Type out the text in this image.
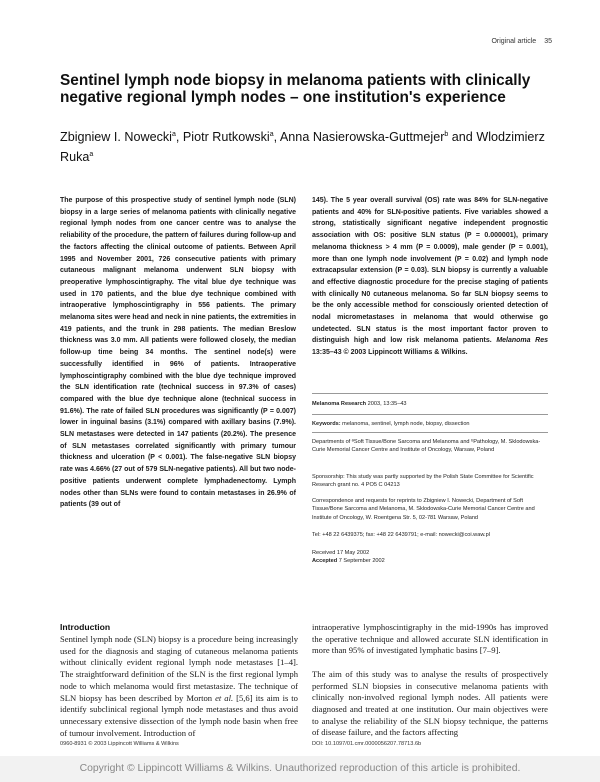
Original article 35
Sentinel lymph node biopsy in melanoma patients with clinically negative regional lymph nodes – one institution's experience
Zbigniew I. Nowecki$^a$, Piotr Rutkowski$^a$, Anna Nasierowska-Guttmejer$^b$ and Wlodzimierz Ruka$^a$

The purpose of this prospective study of sentinel lymph node (SLN) biopsy in a large series of melanoma patients with clinically negative regional lymph nodes from one cancer centre was to analyse the reliability of the procedure, the pattern of failures during follow-up and the factors affecting the clinical outcome of patients. Between April 1995 and November 2001, 726 consecutive patients with primary cutaneous malignant melanoma underwent SLN biopsy with preoperative lymphoscintigraphy. The vital blue dye technique was used in 170 patients, and the blue dye technique combined with intraoperative lymphoscintigraphy in 556 patients. The primary melanoma sites were head and neck in nine patients, the extremities in 419 patients, and the trunk in 298 patients. The median Breslow thickness was 3.0 mm. All patients were followed closely, the median follow-up time being 34 months. The sentinel node(s) were successfully identified in 96% of patients. Intraoperative lymphoscintigraphy combined with the blue dye technique improved the SLN identification rate (technical success in 97.3% of cases) compared with the blue dye technique alone (technical success in 91.6%). The rate of failed SLN procedures was significantly (P = 0.007) lower in inguinal basins (3.1%) compared with axillary basins (7.9%). SLN metastases were detected in 147 patients (20.2%). The presence of SLN metastases correlated significantly with primary tumour thickness and ulceration (P < 0.001). The false-negative SLN biopsy rate was 4.66% (27 out of 579 SLN-negative patients). All but two node-positive patients underwent complete lymphadenectomy. Lymph nodes other than SLNs were found to contain metastases in 26.9% of patients (39 out of

145). The 5 year overall survival (OS) rate was 84% for SLN-negative patients and 40% for SLN-positive patients. Five variables showed a strong, statistically significant negative independent prognostic association with OS: positive SLN status (P = 0.000001), primary melanoma thickness > 4 mm (P = 0.0009), male gender (P = 0.001), more than one lymph node involvement (P = 0.02) and lymph node extracapsular extension (P = 0.03). SLN biopsy is currently a valuable and effective diagnostic procedure for the precise staging of patients with clinically N0 cutaneous melanoma. So far SLN biopsy seems to be the only accessible method for consciously oriented detection of nodal micrometastases in melanoma that would otherwise go undetected. SLN status is the most important factor proven to distinguish high and low risk melanoma patients. Melanoma Res 13:35–43 © 2003 Lippincott Williams & Wilkins.

Melanoma Research 2003, 13:35–43

Keywords: melanoma, sentinel, lymph node, biopsy, dissection

Departments of ªSoft Tissue/Bone Sarcoma and Melanoma and ᵇPathology, M. Sklodowska-Curie Memorial Cancer Centre and Institute of Oncology, Warsaw, Poland

Sponsorship: This study was partly supported by the Polish State Committee for Scientific Research grant no. 4 PO5 C 04213

Correspondence and requests for reprints to Zbigniew I. Nowecki, Department of Soft Tissue/Bone Sarcoma and Melanoma, M. Sklodowska-Curie Memorial Cancer Centre and Institute of Oncology, W. Roentgena Str. 5, 02-781 Warsaw, Poland

Tel: +48 22 6439375; fax: +48 22 6439791; e-mail: nowecki@coi.waw.pl

Received 17 May 2002

Accepted 7 September 2002

Introduction

Sentinel lymph node (SLN) biopsy is a procedure being increasingly used for the diagnosis and staging of cutaneous melanoma patients without clinically evident regional lymph node metastases [1–4]. The straightforward definition of the SLN is the first regional lymph node to which melanoma would first metastasize. The technique of SLN biopsy has been described by Morton et al. [5,6] its aim is to identify subclinical regional lymph node metastases and thus avoid unnecessary extensive dissection of the lymph node basin when free of tumour involvement. Introduction of

intraoperative lymphoscintigraphy in the mid-1990s has improved the operative technique and allowed accurate SLN identification in more than 95% of investigated lymphatic basins [7–9].

The aim of this study was to analyse the results of prospectively performed SLN biopsies in consecutive melanoma patients with clinically non-involved regional lymph nodes. All patients were diagnosed and treated at one institution. Our main objectives were to analyse the reliability of the SLN biopsy technique, the patterns of disease failure, and the factors affecting

0960-8931 © 2003 Lippincott Williams & Wilkins	DOI: 10.1097/01.cmr.0000056207.78713.6b
Copyright © Lippincott Williams & Wilkins. Unauthorized reproduction of this article is prohibited.
